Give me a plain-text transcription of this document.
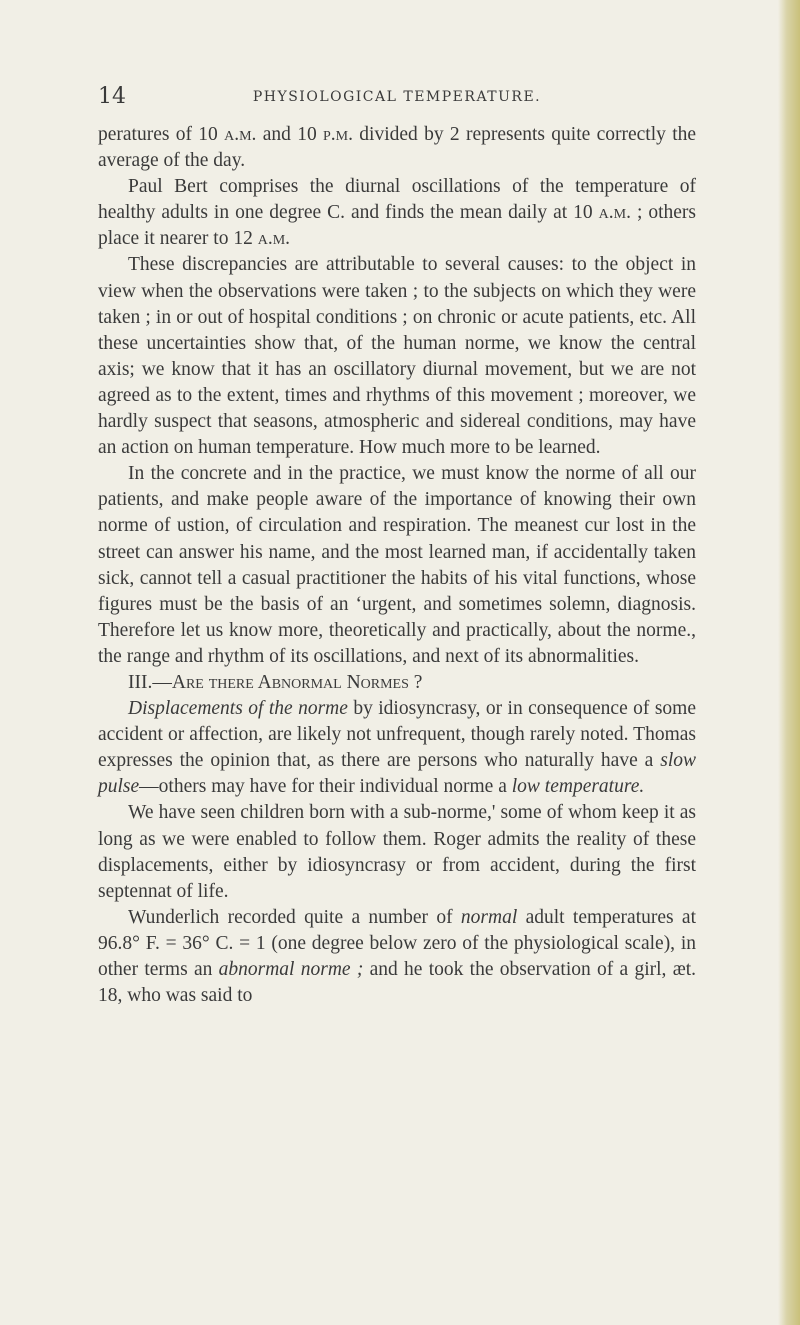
14	PHYSIOLOGICAL TEMPERATURE.

peratures of 10 a.m. and 10 p.m. divided by 2 represents quite correctly the average of the day.

Paul Bert comprises the diurnal oscillations of the temperature of healthy adults in one degree C. and finds the mean daily at 10 a.m. ; others place it nearer to 12 a.m.

These discrepancies are attributable to several causes: to the object in view when the observations were taken ; to the subjects on which they were taken ; in or out of hospital conditions ; on chronic or acute patients, etc. All these uncertainties show that, of the human norme, we know the central axis; we know that it has an oscillatory diurnal movement, but we are not agreed as to the extent, times and rhythms of this movement ; moreover, we hardly suspect that seasons, atmospheric and sidereal conditions, may have an action on human temperature. How much more to be learned.

In the concrete and in the practice, we must know the norme of all our patients, and make people aware of the importance of knowing their own norme of ustion, of circulation and respiration. The meanest cur lost in the street can answer his name, and the most learned man, if accidentally taken sick, cannot tell a casual practitioner the habits of his vital functions, whose figures must be the basis of an ‘urgent, and sometimes solemn, diagnosis. Therefore let us know more, theoretically and practically, about the norme., the range and rhythm of its oscillations, and next of its abnormalities.

III.—Are there Abnormal Normes ?

Displacements of the norme by idiosyncrasy, or in consequence of some accident or affection, are likely not unfrequent, though rarely noted. Thomas expresses the opinion that, as there are persons who naturally have a slow pulse—others may have for their individual norme a low temperature.

We have seen children born with a sub-norme,' some of whom keep it as long as we were enabled to follow them. Roger admits the reality of these displacements, either by idiosyncrasy or from accident, during the first septennat of life.

Wunderlich recorded quite a number of normal adult temperatures at 96.8° F. = 36° C. = 1 (one degree below zero of the physiological scale), in other terms an abnormal norme ; and he took the observation of a girl, æt. 18, who was said to
